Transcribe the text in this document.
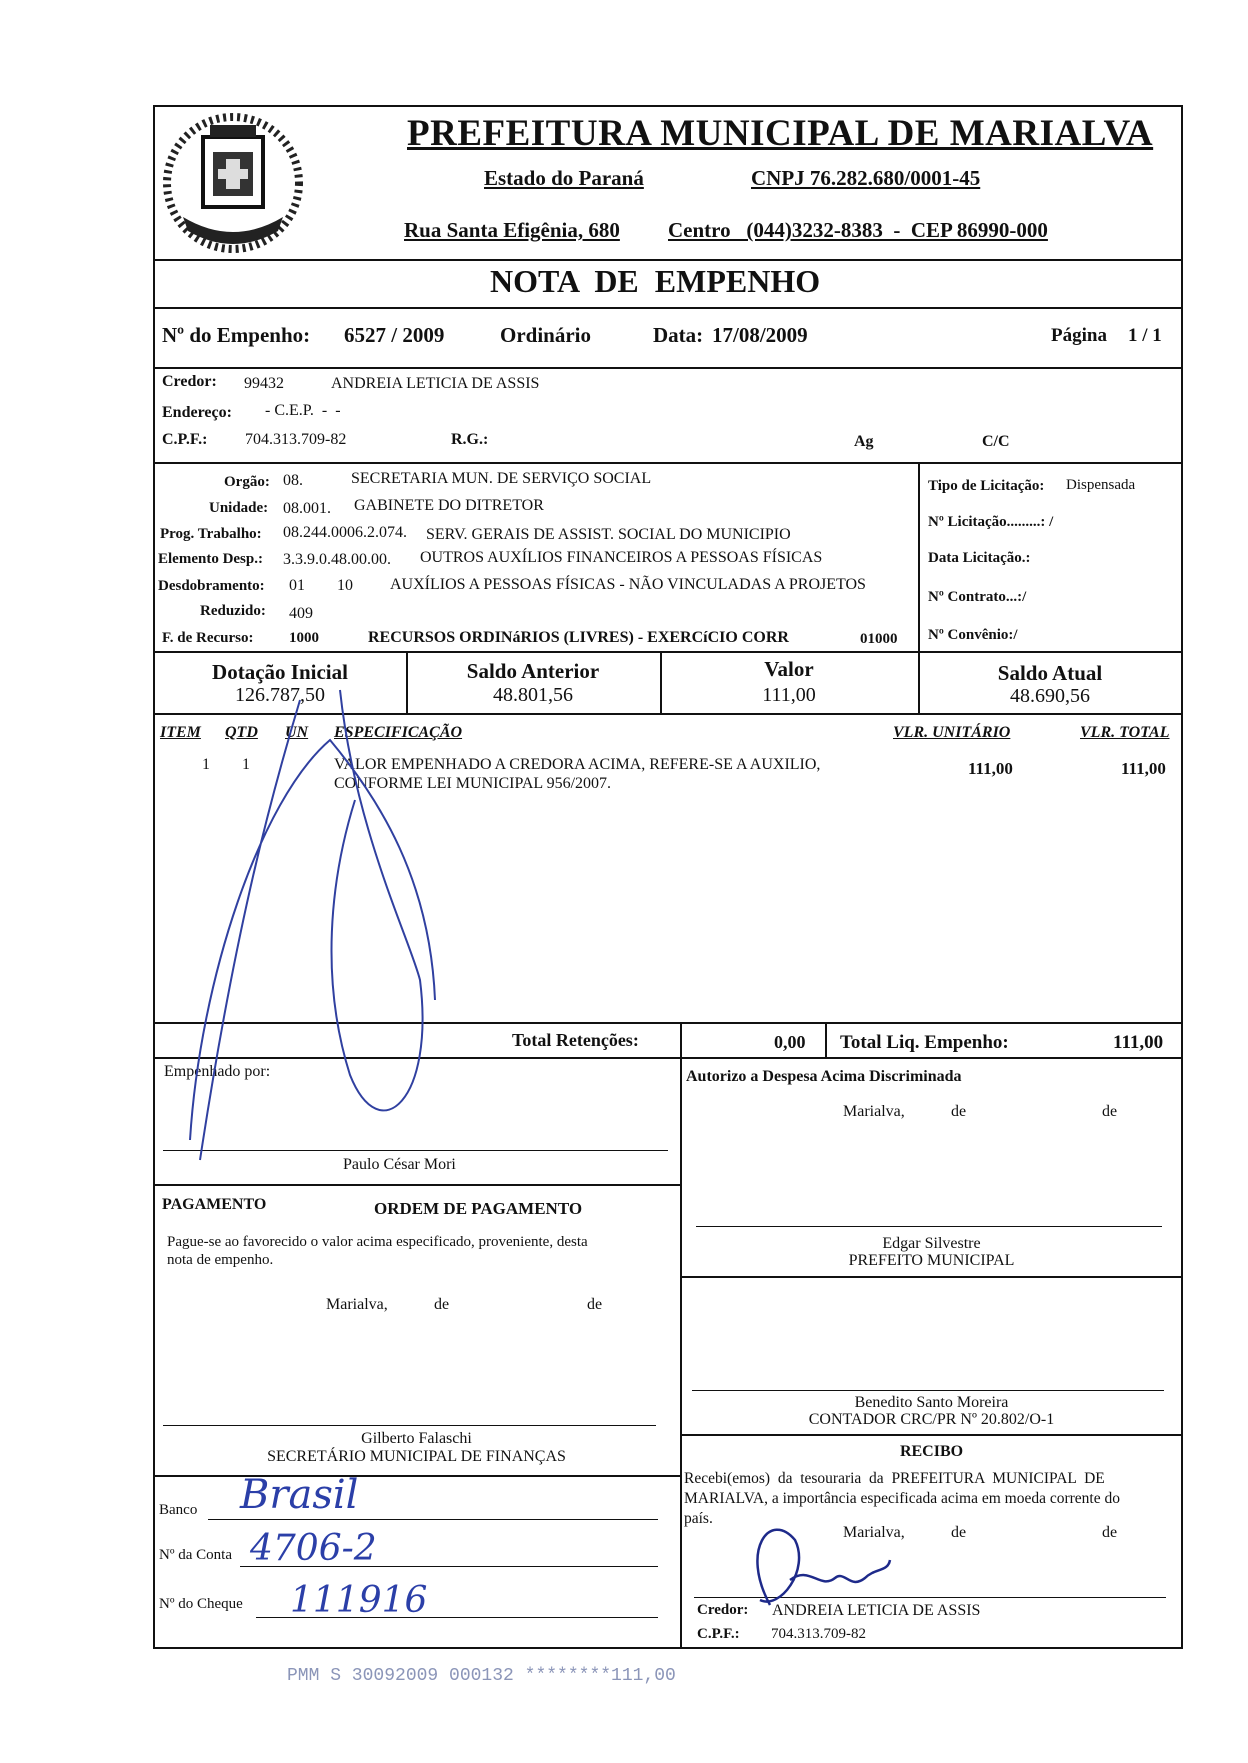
PREFEITURA MUNICIPAL DE MARIALVA
Estado do Paraná	CNPJ 76.282.680/0001-45
Rua Santa Efigênia, 680 Centro   (044)3232-8383  -  CEP 86990-000
NOTA  DE  EMPENHO
Nº do Empenho: 6527 / 2009	Ordinário	Data: 17/08/2009	Página 1 / 1
Credor: 99432	ANDREIA LETICIA DE ASSIS
Endereço: - C.E.P.  -  -
C.P.F.: 704.313.709-82	R.G.:	Ag	C/C
Orgão: 08.	SECRETARIA MUN. DE SERVIÇO SOCIAL
Unidade: 08.001. GABINETE DO DITRETOR
Prog. Trabalho: 08.244.0006.2.074. SERV. GERAIS DE ASSIST. SOCIAL DO MUNICIPIO
Elemento Desp.: 3.3.9.0.48.00.00. OUTROS AUXÍLIOS FINANCEIROS A PESSOAS FÍSICAS
Desdobramento: 01 10 AUXÍLIOS A PESSOAS FÍSICAS - NÃO VINCULADAS A PROJETOS
Reduzido: 409
F. de Recurso: 1000	RECURSOS ORDINáRIOS (LIVRES) - EXERCíCIO CORR	01000
Tipo de Licitação: Dispensada
Nº Licitação.........: /
Data Licitação.:
Nº Contrato...:/
Nº Convênio:/
Dotação Inicial
126.787,50
Saldo Anterior
48.801,56
Valor
111,00
Saldo Atual
48.690,56
ITEM QTD UN ESPECIFICAÇÃO	VLR. UNITÁRIO	VLR. TOTAL
1 1	VALOR EMPENHADO A CREDORA ACIMA, REFERE-SE A AUXILIO,
CONFORME LEI MUNICIPAL 956/2007.
111,00	111,00
Total Retenções:	0,00 Total Liq. Empenho:	111,00
Empenhado por:
Paulo César Mori
Autorizo a Despesa Acima Discriminada
Marialva,	de	de
Edgar Silvestre
PREFEITO MUNICIPAL
PAGAMENTO	ORDEM DE PAGAMENTO
Pague-se ao favorecido o valor acima especificado, proveniente, desta
nota de empenho.
Marialva,	de	de
Gilberto Falaschi
SECRETÁRIO MUNICIPAL DE FINANÇAS
Benedito Santo Moreira
CONTADOR CRC/PR Nº 20.802/O-1
Banco Brasil
Nº da Conta 4706-2
Nº do Cheque 111916
RECIBO
Recebi(emos)  da  tesouraria  da  PREFEITURA  MUNICIPAL  DE
MARIALVA, a importância especificada acima em moeda corrente do
país.
Marialva,	de	de
Credor: ANDREIA LETICIA DE ASSIS
C.P.F.: 704.313.709-82
PMM S 30092009 000132 ********111,00
